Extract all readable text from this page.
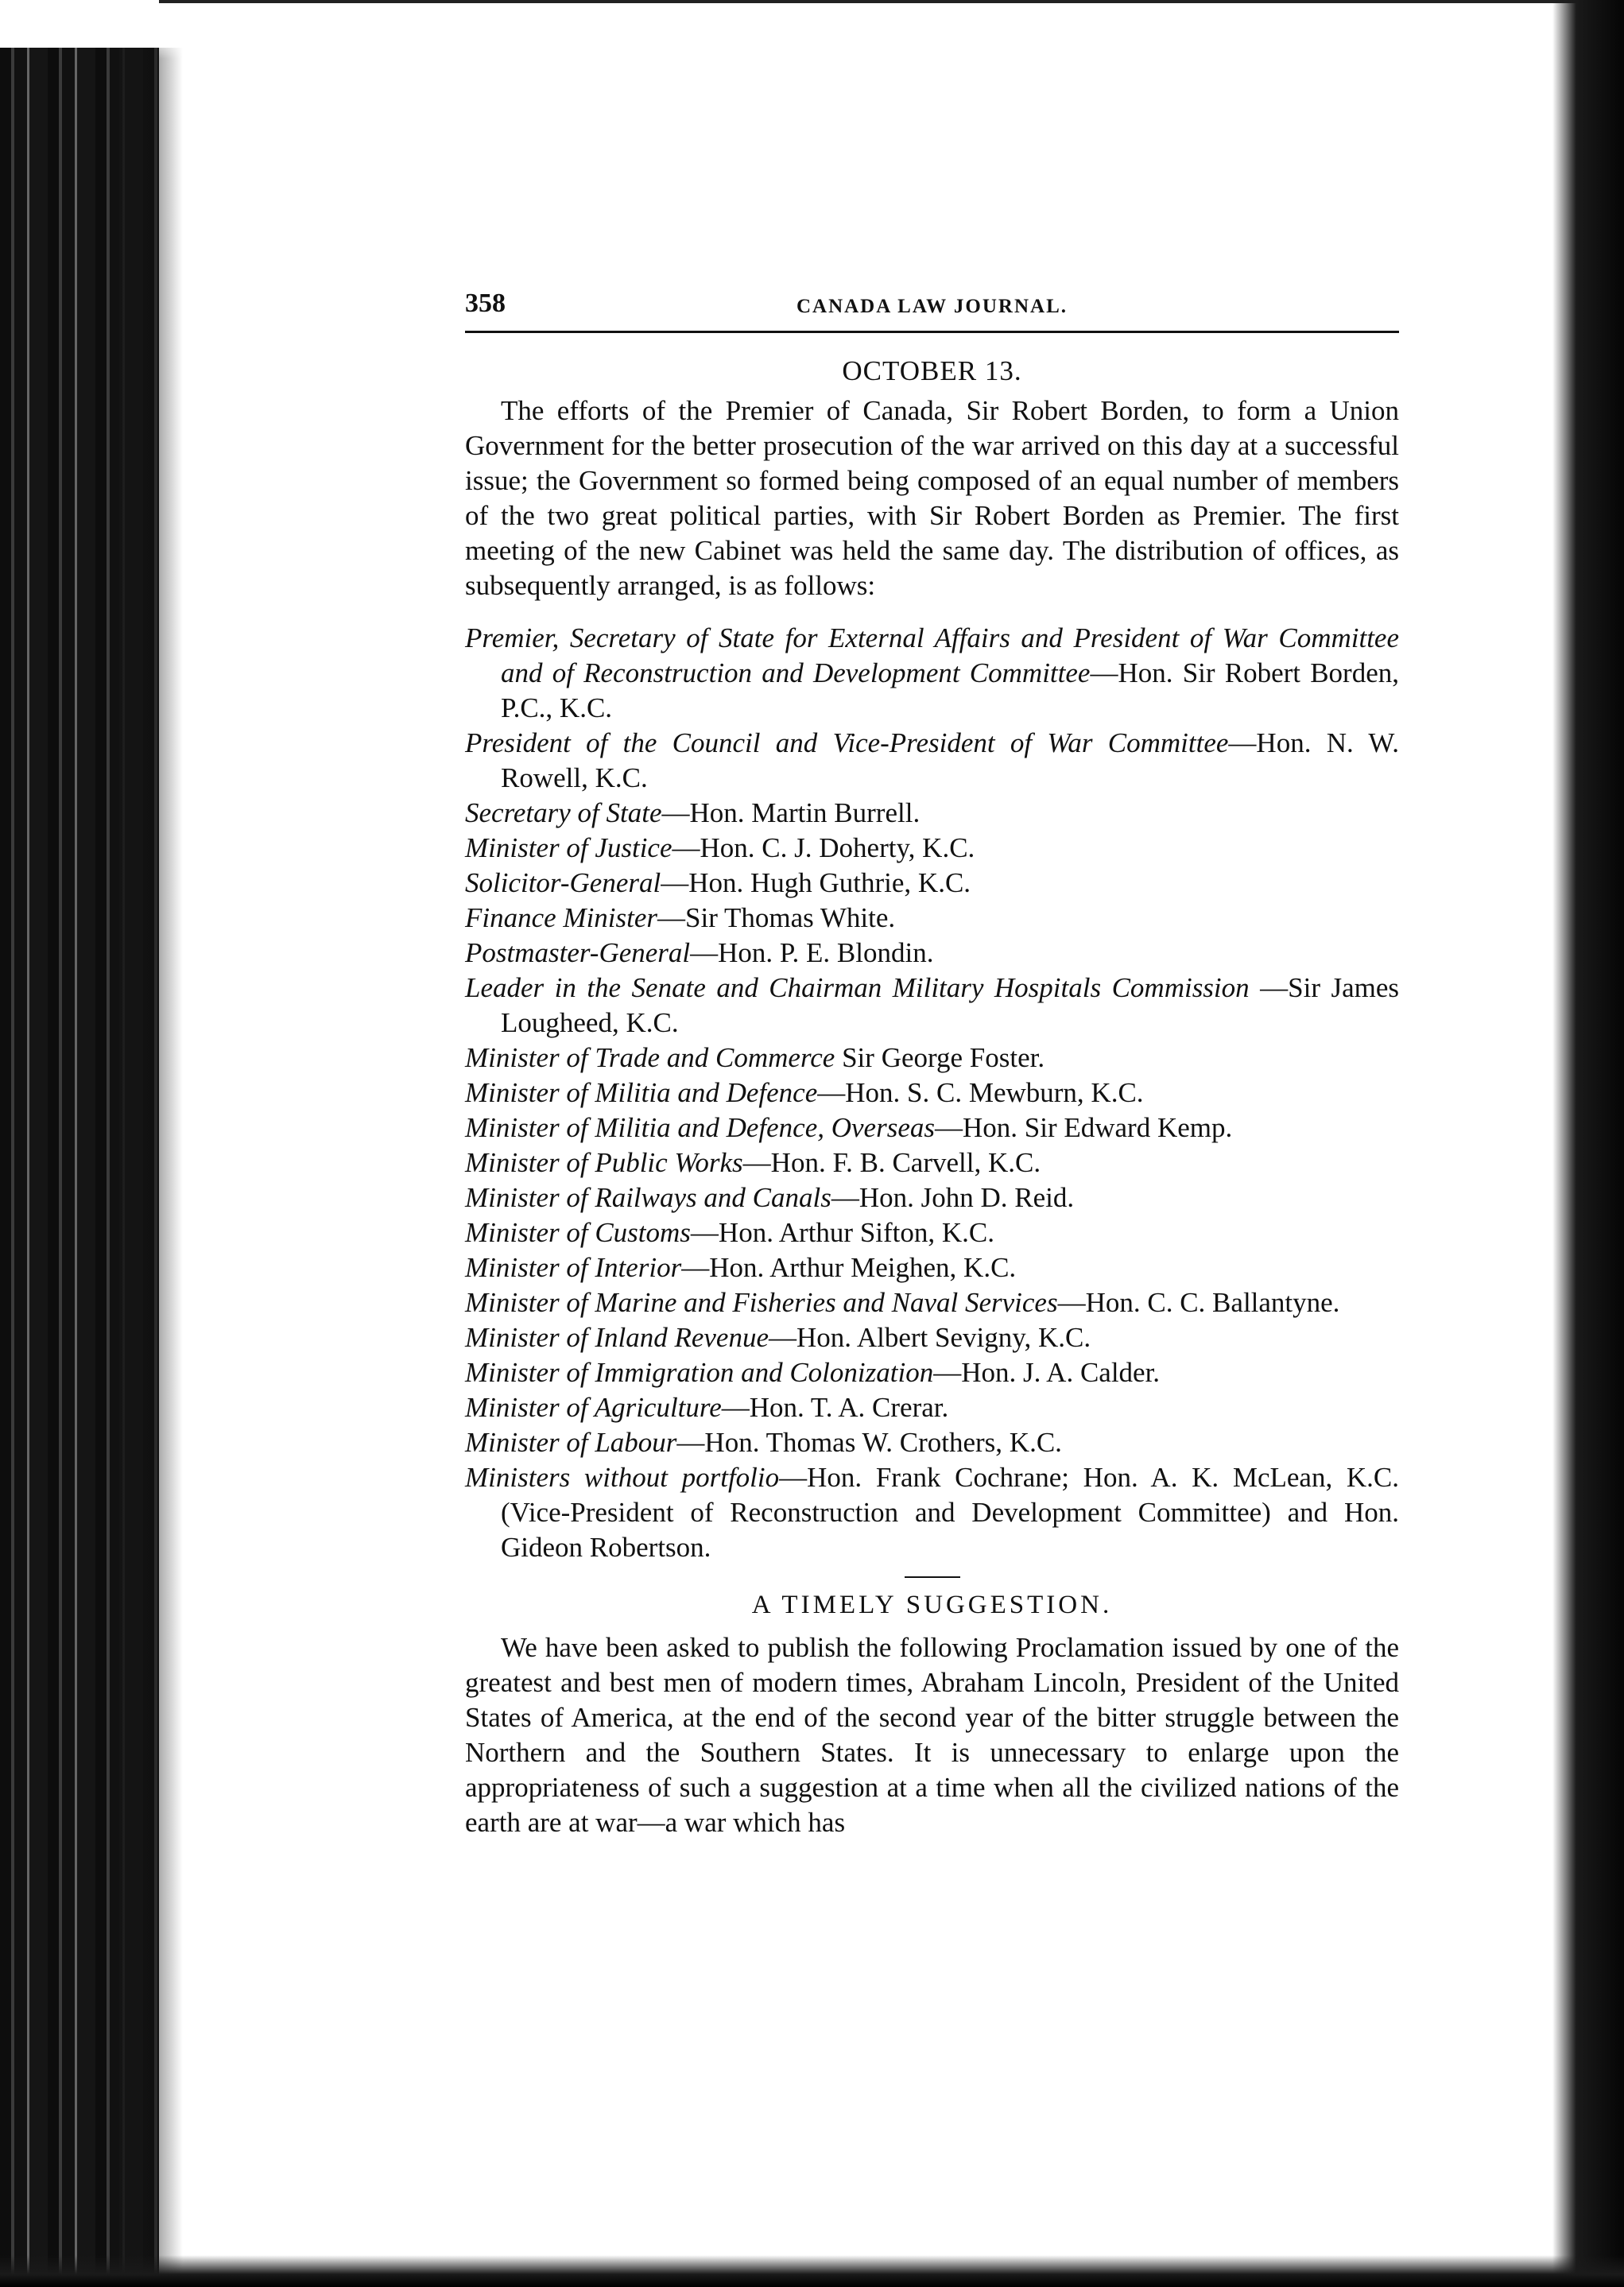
358	CANADA LAW JOURNAL.
OCTOBER 13.

The efforts of the Premier of Canada, Sir Robert Borden, to form a Union Government for the better prosecution of the war arrived on this day at a successful issue; the Government so formed being composed of an equal number of members of the two great political parties, with Sir Robert Borden as Premier. The first meeting of the new Cabinet was held the same day. The distribution of offices, as subsequently arranged, is as follows:

Premier, Secretary of State for External Affairs and President of War Committee and of Reconstruction and Development Committee—Hon. Sir Robert Borden, P.C., K.C.

President of the Council and Vice-President of War Committee—Hon. N. W. Rowell, K.C.

Secretary of State—Hon. Martin Burrell.

Minister of Justice—Hon. C. J. Doherty, K.C.

Solicitor-General—Hon. Hugh Guthrie, K.C.

Finance Minister—Sir Thomas White.

Postmaster-General—Hon. P. E. Blondin.

Leader in the Senate and Chairman Military Hospitals Commission —Sir James Lougheed, K.C.

Minister of Trade and Commerce Sir George Foster.

Minister of Militia and Defence—Hon. S. C. Mewburn, K.C.

Minister of Militia and Defence, Overseas—Hon. Sir Edward Kemp.

Minister of Public Works—Hon. F. B. Carvell, K.C.

Minister of Railways and Canals—Hon. John D. Reid.

Minister of Customs—Hon. Arthur Sifton, K.C.

Minister of Interior—Hon. Arthur Meighen, K.C.

Minister of Marine and Fisheries and Naval Services—Hon. C. C. Ballantyne.

Minister of Inland Revenue—Hon. Albert Sevigny, K.C.

Minister of Immigration and Colonization—Hon. J. A. Calder.

Minister of Agriculture—Hon. T. A. Crerar.

Minister of Labour—Hon. Thomas W. Crothers, K.C.

Ministers without portfolio—Hon. Frank Cochrane; Hon. A. K. McLean, K.C. (Vice-President of Reconstruction and Development Committee) and Hon. Gideon Robertson.

A TIMELY SUGGESTION.

We have been asked to publish the following Proclamation issued by one of the greatest and best men of modern times, Abraham Lincoln, President of the United States of America, at the end of the second year of the bitter struggle between the Northern and the Southern States. It is unnecessary to enlarge upon the appropriateness of such a suggestion at a time when all the civilized nations of the earth are at war—a war which has
